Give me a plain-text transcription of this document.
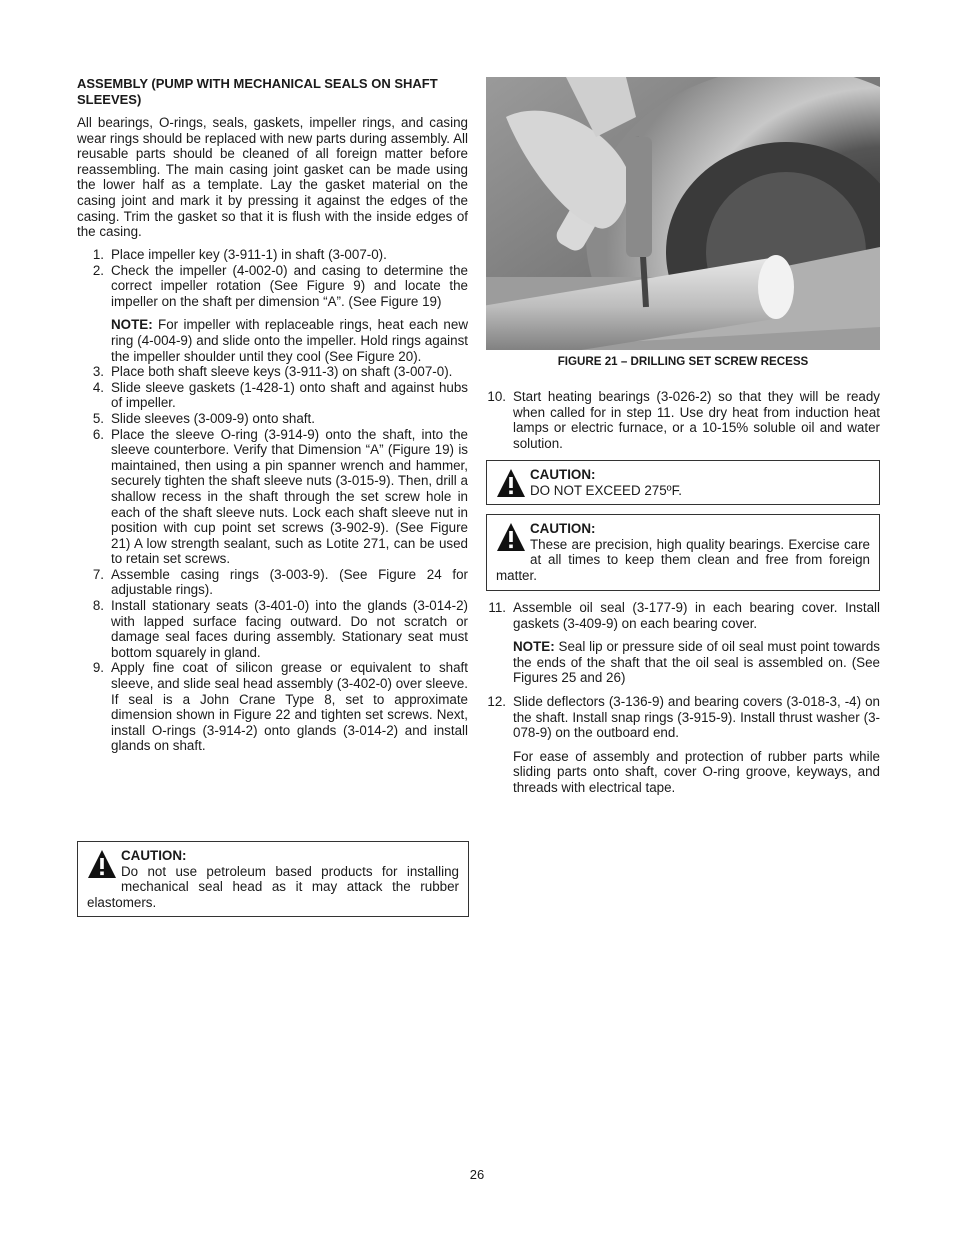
ASSEMBLY (PUMP WITH MECHANICAL SEALS ON SHAFT SLEEVES)
All bearings, O-rings, seals, gaskets, impeller rings, and casing wear rings should be replaced with new parts during assembly. All reusable parts should be cleaned of all foreign matter before reassembling. The main casing joint gasket can be made using the lower half as a template. Lay the gasket material on the casing joint and mark it by pressing it against the edges of the casing. Trim the gasket so that it is flush with the inside edges of the casing.
1. Place impeller key (3-911-1) in shaft (3-007-0).

2. Check the impeller (4-002-0) and casing to determine the correct impeller rotation (See Figure 9) and locate the impeller on the shaft per dimension “A”. (See Figure 19)

NOTE: For impeller with replaceable rings, heat each new ring (4-004-9) and slide onto the impeller. Hold rings against the impeller shoulder until they cool (See Figure 20).

3. Place both shaft sleeve keys (3-911-3) on shaft (3-007-0).

4. Slide sleeve gaskets (1-428-1) onto shaft and against hubs of impeller.

5. Slide sleeves (3-009-9) onto shaft.

6. Place the sleeve O-ring (3-914-9) onto the shaft, into the sleeve counterbore. Verify that Dimension “A” (Figure 19) is maintained, then using a pin spanner wrench and hammer, securely tighten the shaft sleeve nuts (3-015-9). Then, drill a shallow recess in the shaft through the set screw hole in each of the shaft sleeve nuts. Lock each shaft sleeve nut in position with cup point set screws (3-902-9). (See Figure 21) A low strength sealant, such as Lotite 271, can be used to retain set screws.

7. Assemble casing rings (3-003-9). (See Figure 24 for adjustable rings).

8. Install stationary seats (3-401-0) into the glands (3-014-2) with lapped surface facing outward. Do not scratch or damage seal faces during assembly. Stationary seat must bottom squarely in gland.

9. Apply fine coat of silicon grease or equivalent to shaft sleeve, and slide seal head assembly (3-402-0) over sleeve. If seal is a John Crane Type 8, set to approximate dimension shown in Figure 22 and tighten set screws. Next, install O-rings (3-914-2) onto glands (3-014-2) and install glands on shaft.

CAUTION:
Do not use petroleum based products for installing mechanical seal head as it may attack the rubber elastomers.
FIGURE 21 – DRILLING SET SCREW RECESS
10. Start heating bearings (3-026-2) so that they will be ready when called for in step 11. Use dry heat from induction heat lamps or electric furnace, or a 10-15% soluble oil and water solution.

CAUTION:
DO NOT EXCEED 275ºF.
CAUTION:
These are precision, high quality bearings. Exercise care at all times to keep them clean and free from foreign matter.
11. Assemble oil seal (3-177-9) in each bearing cover. Install gaskets (3-409-9) on each bearing cover.

NOTE: Seal lip or pressure side of oil seal must point towards the ends of the shaft that the oil seal is assembled on. (See Figures 25 and 26)

12. Slide deflectors (3-136-9) and bearing covers (3-018-3, -4) on the shaft. Install snap rings (3-915-9). Install thrust washer (3-078-9) on the outboard end.

For ease of assembly and protection of rubber parts while sliding parts onto shaft, cover O-ring groove, keyways, and threads with electrical tape.

26
